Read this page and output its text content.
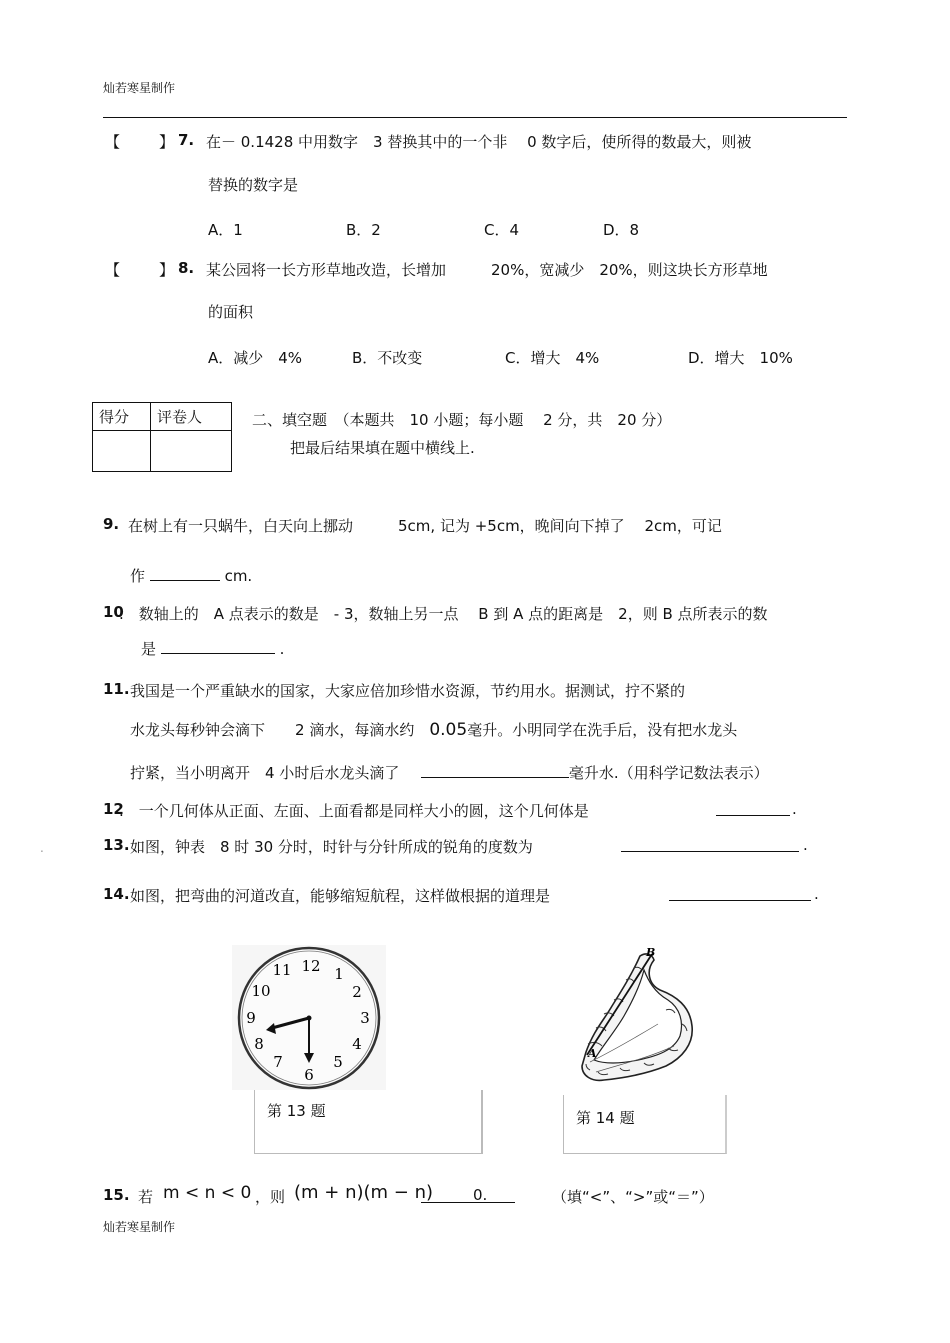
灿若寒星制作
【	】 7. 在－ 0.1428 中用数字　3 替换其中的一个非　 0 数字后，使所得的数最大，则被
替换的数字是
A．1	B．2	C．4	D．8
【	】 8. 某公园将一长方形草地改造，长增加　　　20%，宽减少　20%，则这块长方形草地
的面积
A．减少　4%	B．不改变	C．增大　4%	D．增大　10%
得分	评卷人
		二、填空题　（本题共　10 小题；每小题　 2 分，共　20 分）
把最后结果填在题中横线上.
9. 在树上有一只蜗牛，白天向上挪动　　　5cm, 记为 +5cm，晚间向下掉了　 2cm，可记
作	cm.
10
.　数轴上的　A 点表示的数是　- 3，数轴上另一点　 B 到 A 点的距离是　2，则 B 点所表示的数
是	.
11. 我国是一个严重缺水的国家，大家应倍加珍惜水资源，节约用水。据测试，拧不紧的
水龙头每秒钟会滴下　　2 滴水，每滴水约　0.05毫升。小明同学在洗手后，没有把水龙头
拧紧，当小明离开　4 小时后水龙头滴了	毫升水.（用科学记数法表示）
12
.　一个几何体从正面、左面、上面看都是同样大小的圆，这个几何体是	.
.	13. 如图，钟表　8 时 30 分时，时针与分针所成的锐角的度数为	.
14. 如图，把弯曲的河道改直，能够缩短航程，这样做根据的道理是	.
12 1
2
3
4
5
6
7
8
9
10
11
第 13 题
A
B
第 14 题
15. 若 m < n < 0 ，则 (m + n)(m − n)	0.	（填“<”、“>”或“＝”）
灿若寒星制作
